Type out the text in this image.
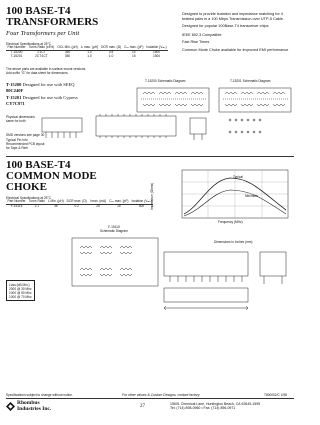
100 BASE-T4
TRANSFORMERS
Four Transformers per Unit
Designed to provide isolation and impedance matching for 4 twisted pairs in a 100 Mbps Transmission over UTP-5 Cable.
Designed for popular 100Base-T4 transceiver chips
IEEE 802.3 Compatible
Fast Rise Times
Common Mode Choke available for improved EMI performance
Electrical Specifications at 25°C
Part Number	Turns Ratio (±5%)	OCL Min. (µH)	Lₗ max. (µH)	DCR max. (Ω)	Cₒₒ max. (pF)	Isolation (Vₘₛ)
T-15200	1:1CT	350	1.0	0.5	14	1500
T-15201	2CT:1CT	350	1.0	1.0	15	1500
The above parts are available in surface mount versions.
Add suffix "G" for data sheet for dimensions.
T-15200 Schematic Diagram	T-15201 Schematic Diagram
T-15200 Designed for use with SEEQ 80C240F
T-15201 Designed for use with Cypress CY7C971
Physical dimensions
same for both
SMD versions see page 30
Typical Pin Info
Recommended PCB layout
for Tape & Reel
100 BASE-T4
COMMON MODE
CHOKE
Electrical Specifications at 25°C
Part Number	Turns Ratio	L Min. (µH)	DCR max. (Ω)	I max. (mA)	Cₒₒ max. (pF)	Isolation (Vₘₛ)
F-15115	1:1	36	0.2	25	15	500
Typical
Minimum
Impedance (Ohms)
Frequency (MHz)
F-15115
Schematic Diagram
Loss (dB Min.)
2000 @ 30 Mhz
1000 @ 50 Mhz
1000 @ 70 Mhz
Dimensions in inches (mm)
Specifications subject to change without notice.	For other values & Custom Designs, contact factory.	T800002/C 1/98
Rhombus
Industries Inc.	27	15601 Chemical Lane, Huntington Beach, CA 92649-1595
Tel: (714) 898-0960 • Fax: (714) 896-0971
